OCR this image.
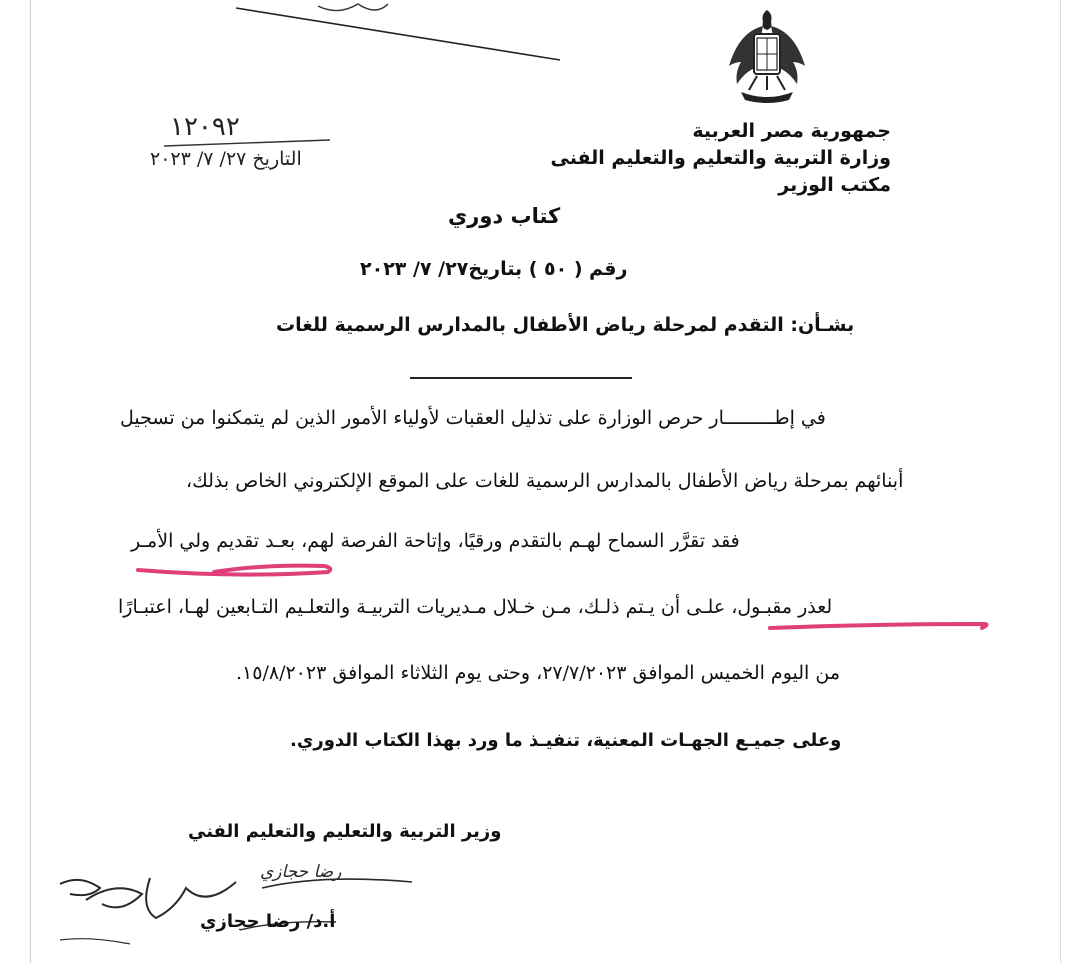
جمهورية مصر العربية
وزارة التربية والتعليم والتعليم الفنى
مكتب الوزير
١٢٠٩٢
التاريخ ٢٧/ ٧/ ٢٠٢٣
كتاب دوري
رقم ( ٥٠ ) بتاريخ٢٧/ ٧/ ٢٠٢٣
بشـأن: التقدم لمرحلة رياض الأطفال بالمدارس الرسمية للغات
في إطـــــــــار حرص الوزارة على تذليل العقبات لأولياء الأمور الذين لم يتمكنوا من تسجيل
أبنائهم بمرحلة رياض الأطفال بالمدارس الرسمية للغات على الموقع الإلكتروني الخاص بذلك،
فقد تقرَّر السماح لهـم بالتقدم ورقيًا، وإتاحة الفرصة لهم، بعـد تقديم ولي الأمـر
لعذر مقبـول، علـى أن يـتم ذلـك، مـن خـلال مـديريات التربيـة والتعلـيم التـابعين لهـا، اعتبـارًا
من اليوم الخميس الموافق ٢٧/٧/٢٠٢٣، وحتى يوم الثلاثاء الموافق ١٥/٨/٢٠٢٣.
وعلى جميـع الجهـات المعنية، تنفيـذ ما ورد بهذا الكتاب الدوري.
وزير التربية والتعليم والتعليم الفني
رضا حجازي
أ.د/ رضا حجازي
